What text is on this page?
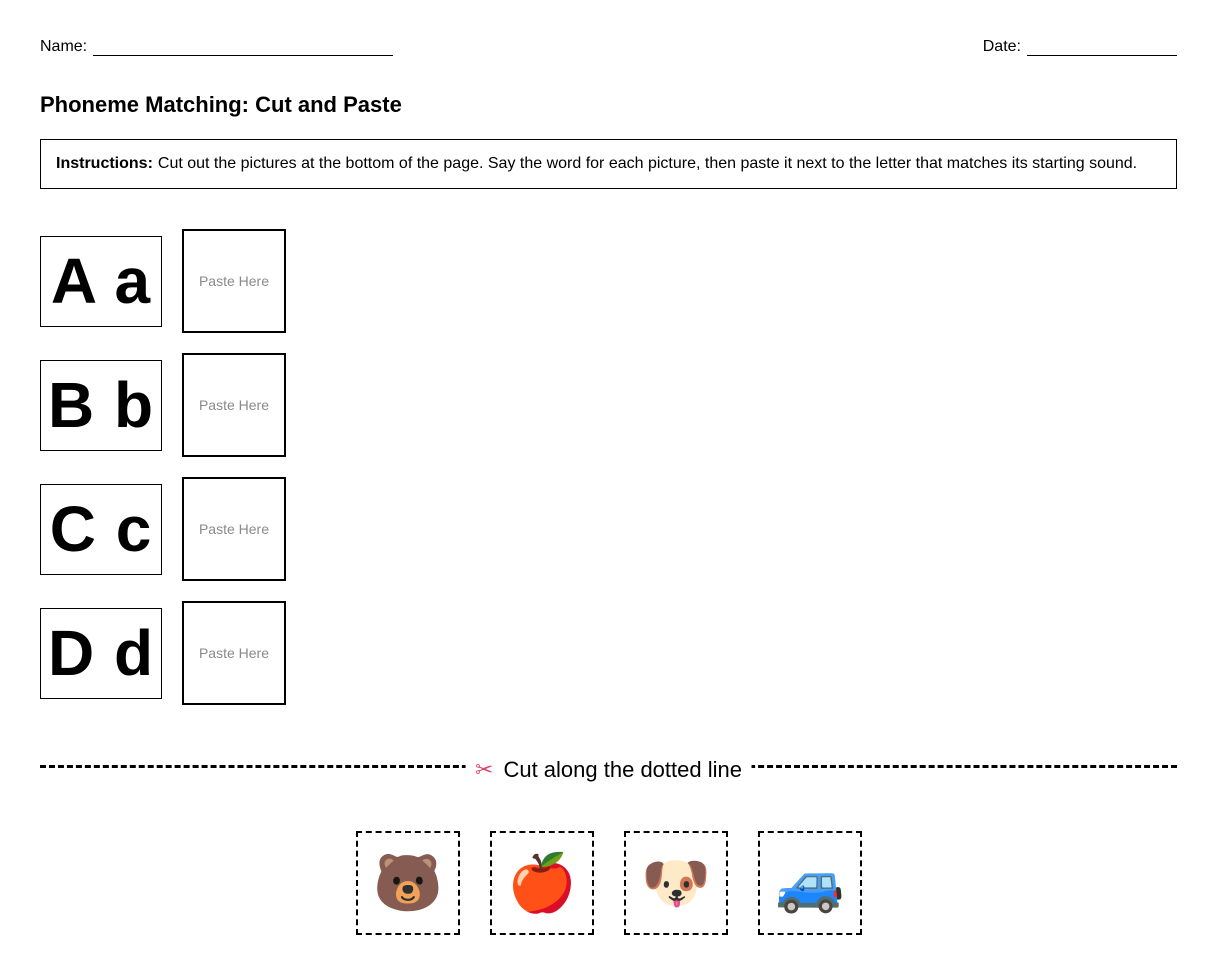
Name:	Date:
Phoneme Matching: Cut and Paste
Instructions: Cut out the pictures at the bottom of the page. Say the word for each picture, then paste it next to the letter that matches its starting sound.
A a	Paste Here
B b	Paste Here
C c	Paste Here
D d	Paste Here
✂ Cut along the dotted line
🐻 🍎 🐶 🚙
